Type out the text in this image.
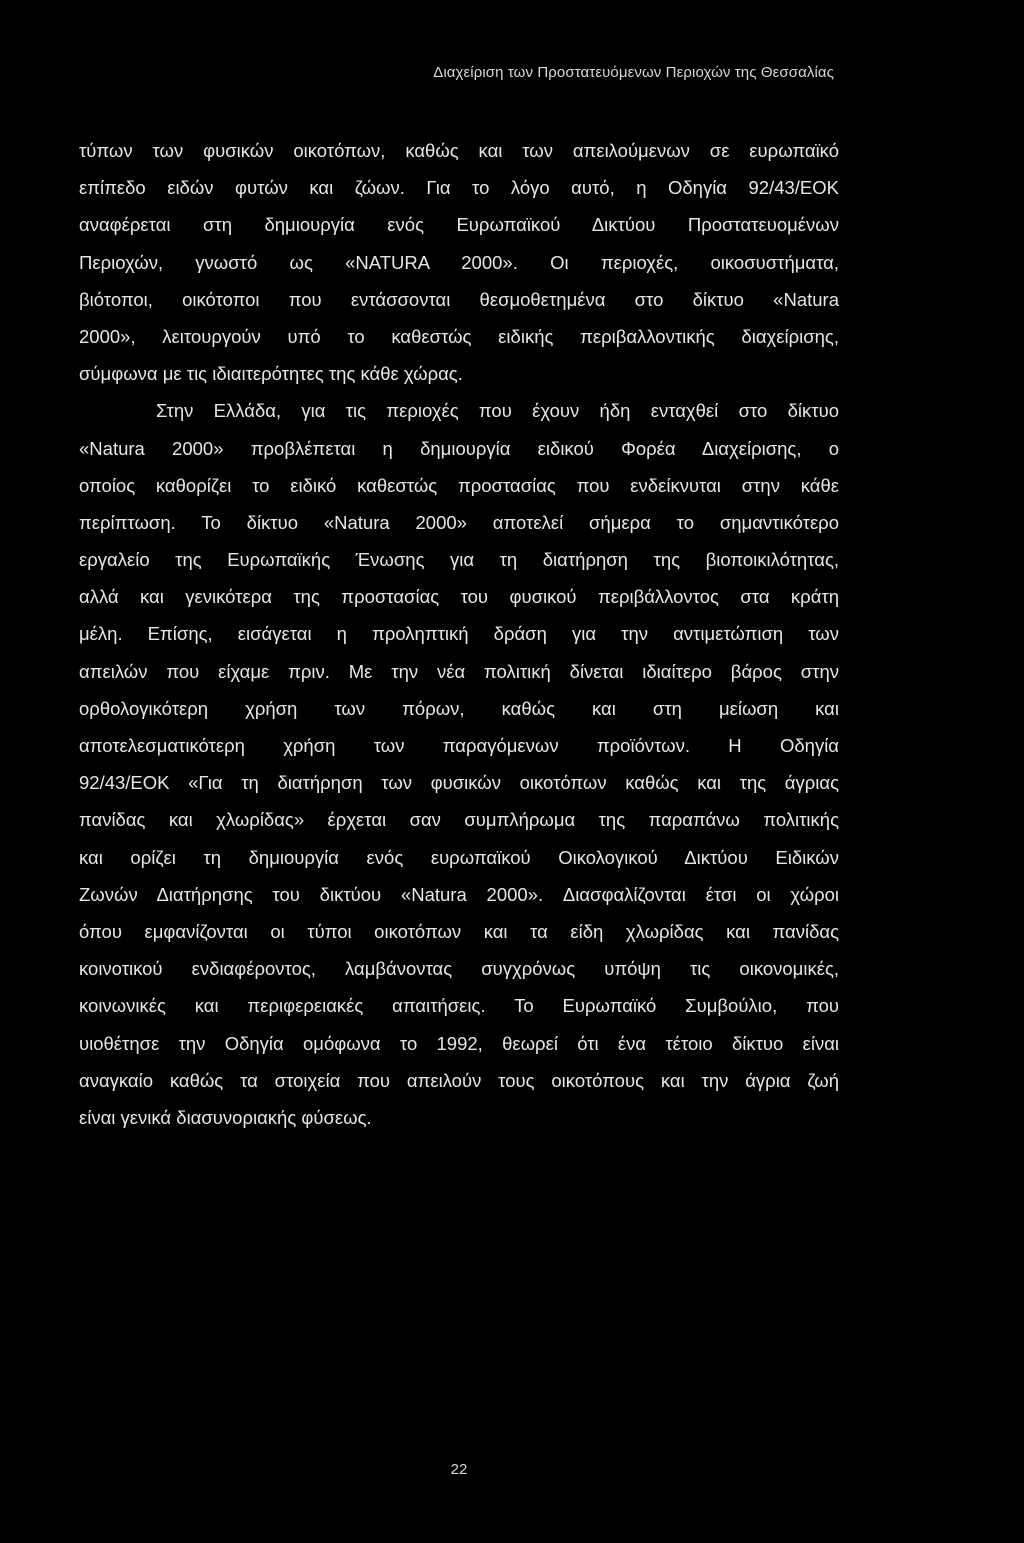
Διαχείριση των Προστατευόμενων Περιοχών της Θεσσαλίας
τύπων των φυσικών οικοτόπων, καθώς και των απειλούμενων σε ευρωπαϊκό
επίπεδο ειδών φυτών και ζώων. Για το λόγο αυτό, η Οδηγία 92/43/ΕΟΚ
αναφέρεται στη δημιουργία ενός Ευρωπαϊκού Δικτύου Προστατευομένων
Περιοχών, γνωστό ως «NATURA 2000». Οι περιοχές, οικοσυστήματα,
βιότοποι, οικότοποι που εντάσσονται θεσμοθετημένα στο δίκτυο «Natura
2000», λειτουργούν υπό το καθεστώς ειδικής περιβαλλοντικής διαχείρισης,
σύμφωνα με τις ιδιαιτερότητες της κάθε χώρας.
Στην Ελλάδα, για τις περιοχές που έχουν ήδη ενταχθεί στο δίκτυο
«Natura 2000» προβλέπεται η δημιουργία ειδικού Φορέα Διαχείρισης, ο
οποίος καθορίζει το ειδικό καθεστώς προστασίας που ενδείκνυται στην κάθε
περίπτωση. Το δίκτυο «Natura 2000» αποτελεί σήμερα το σημαντικότερο
εργαλείο της Ευρωπαϊκής Ένωσης για τη διατήρηση της βιοποικιλότητας,
αλλά και γενικότερα της προστασίας του φυσικού περιβάλλοντος στα κράτη
μέλη. Επίσης, εισάγεται η προληπτική δράση για την αντιμετώπιση των
απειλών που είχαμε πριν. Με την νέα πολιτική δίνεται ιδιαίτερο βάρος στην
ορθολογικότερη χρήση των πόρων, καθώς και στη μείωση και
αποτελεσματικότερη χρήση των παραγόμενων προϊόντων. Η Οδηγία
92/43/ΕΟΚ «Για τη διατήρηση των φυσικών οικοτόπων καθώς και της άγριας
πανίδας και χλωρίδας» έρχεται σαν συμπλήρωμα της παραπάνω πολιτικής
και ορίζει τη δημιουργία ενός ευρωπαϊκού Οικολογικού Δικτύου Ειδικών
Ζωνών Διατήρησης του δικτύου «Natura 2000». Διασφαλίζονται έτσι οι χώροι
όπου εμφανίζονται οι τύποι οικοτόπων και τα είδη χλωρίδας και πανίδας
κοινοτικού ενδιαφέροντος, λαμβάνοντας συγχρόνως υπόψη τις οικονομικές,
κοινωνικές και περιφερειακές απαιτήσεις. Το Ευρωπαϊκό Συμβούλιο, που
υιοθέτησε την Οδηγία ομόφωνα το 1992, θεωρεί ότι ένα τέτοιο δίκτυο είναι
αναγκαίο καθώς τα στοιχεία που απειλούν τους οικοτόπους και την άγρια ζωή
είναι γενικά διασυνοριακής φύσεως.
22
